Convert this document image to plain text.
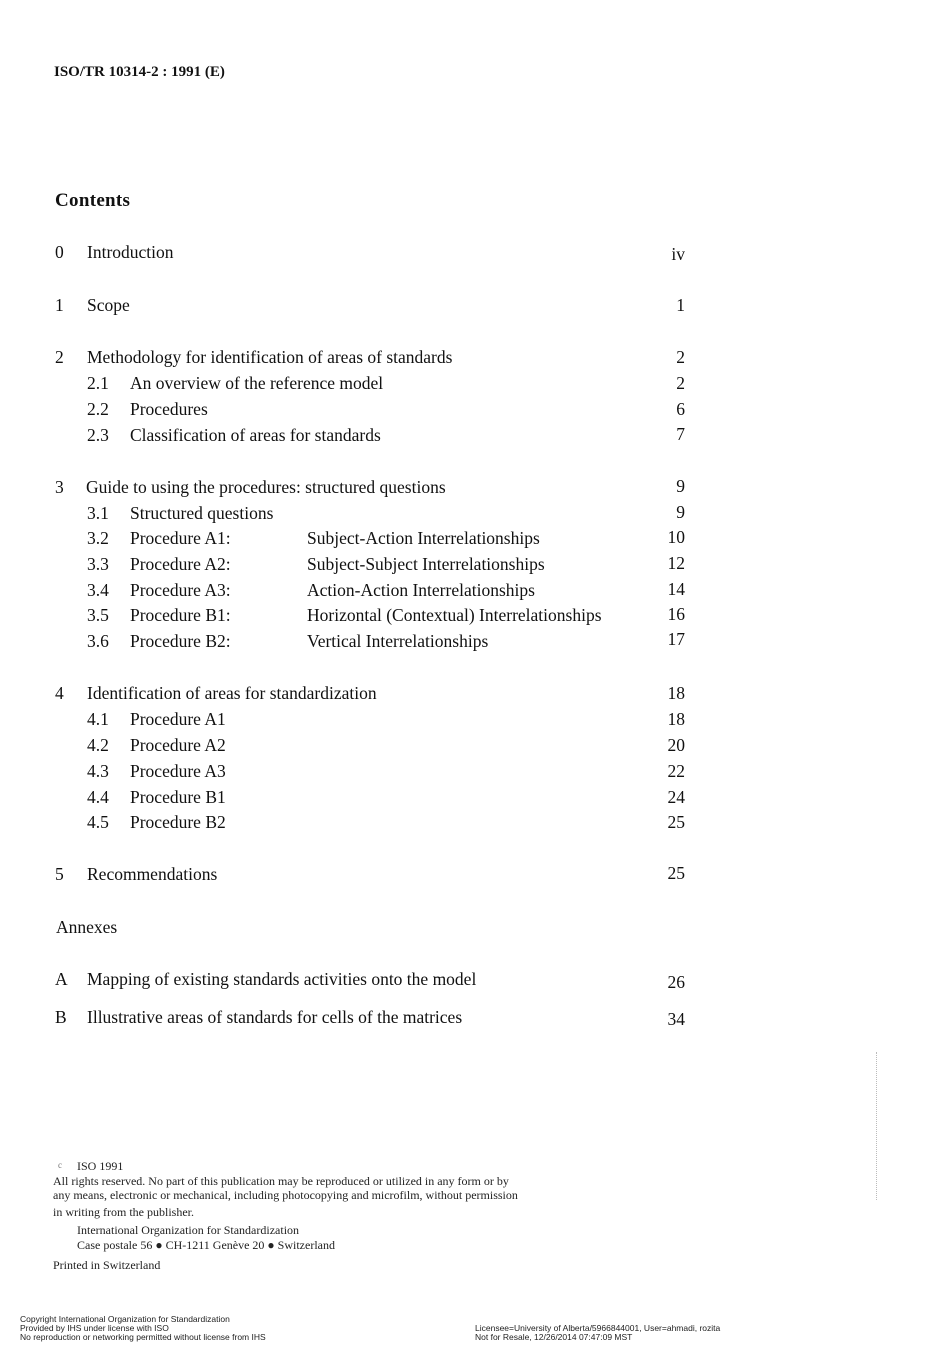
ISO/TR 10314-2 : 1991 (E)
Contents
0	Introduction	iv
1	Scope	1
2	Methodology for identification of areas of standards	2
2.1 An overview of the reference model	2
2.2 Procedures	6
2.3 Classification of areas for standards	7
3	Guide to using the procedures: structured questions	9
3.1 Structured questions	9
3.2 Procedure A1:	Subject-Action Interrelationships	10
3.3 Procedure A2:	Subject-Subject Interrelationships	12
3.4 Procedure A3:	Action-Action Interrelationships	14
3.5 Procedure B1:	Horizontal (Contextual) Interrelationships	16
3.6 Procedure B2:	Vertical Interrelationships	17
4	Identification of areas for standardization	18
4.1 Procedure A1	18
4.2 Procedure A2	20
4.3 Procedure A3	22
4.4 Procedure B1	24
4.5 Procedure B2	25
5	Recommendations	25
Annexes
A	Mapping of existing standards activities onto the model	26
B	Illustrative areas of standards for cells of the matrices	34
c ISO 1991
All rights reserved. No part of this publication may be reproduced or utilized in any form or by
any means, electronic or mechanical, including photocopying and microfilm, without permission
in writing from the publisher.
International Organization for Standardization
Case postale 56 ● CH-1211 Genève 20 ● Switzerland
Printed in Switzerland
Copyright International Organization for Standardization
Provided by IHS under license with ISO
No reproduction or networking permitted without license from IHS
Licensee=University of Alberta/5966844001, User=ahmadi, rozita
Not for Resale, 12/26/2014 07:47:09 MST
